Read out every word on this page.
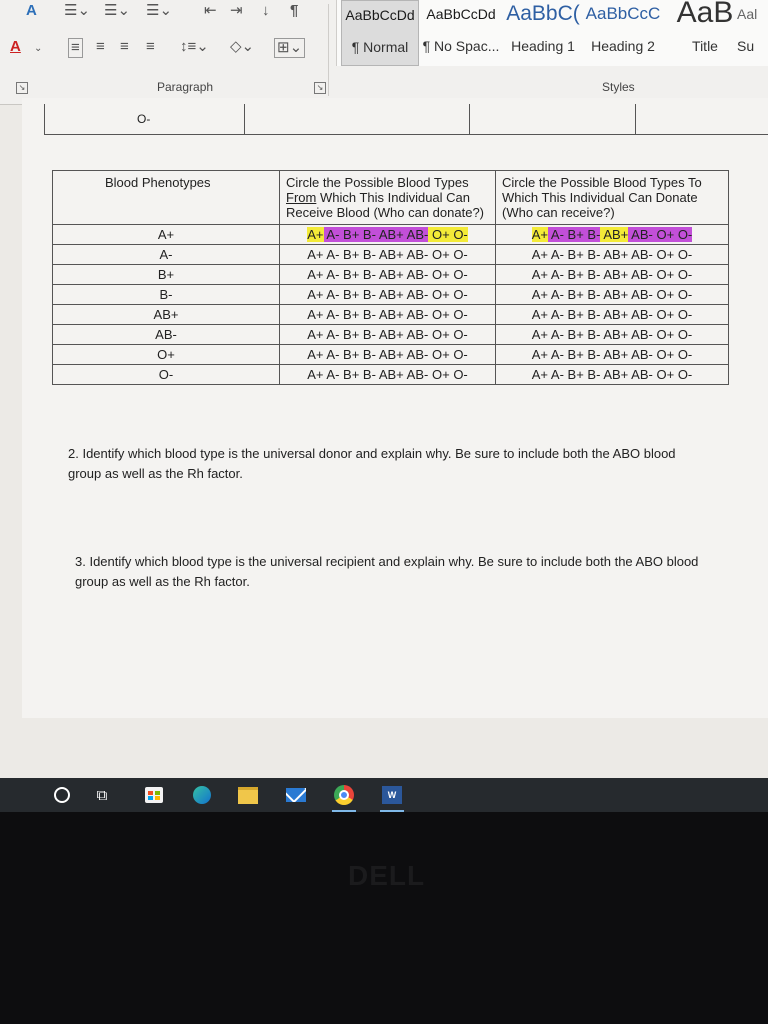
A
A ⌄
☰⌄ ☰⌄ ☰⌄ ⇤ ⇥ ↓ ¶
≡ ≡ ≡ ≡ ↕≡⌄ ◇⌄ ⊞⌄
↘	Paragraph	↘
AaBbCcDd
¶ Normal
AaBbCcDd
¶ No Spac...
AaBbC(
Heading 1
AaBbCcC
Heading 2
AaB
Title
Aal
Su
Styles
O-
Blood Phenotypes	Circle the Possible Blood Types From Which This Individual Can Receive Blood (Who can donate?)	Circle the Possible Blood Types To Which This Individual Can Donate (Who can receive?)
A+	A+ A- B+ B- AB+ AB- O+ O-	A+ A- B+ B- AB+ AB- O+ O-
A-	A+ A- B+ B- AB+ AB- O+ O-	A+ A- B+ B- AB+ AB- O+ O-
B+	A+ A- B+ B- AB+ AB- O+ O-	A+ A- B+ B- AB+ AB- O+ O-
B-	A+ A- B+ B- AB+ AB- O+ O-	A+ A- B+ B- AB+ AB- O+ O-
AB+	A+ A- B+ B- AB+ AB- O+ O-	A+ A- B+ B- AB+ AB- O+ O-
AB-	A+ A- B+ B- AB+ AB- O+ O-	A+ A- B+ B- AB+ AB- O+ O-
O+	A+ A- B+ B- AB+ AB- O+ O-	A+ A- B+ B- AB+ AB- O+ O-
O-	A+ A- B+ B- AB+ AB- O+ O-	A+ A- B+ B- AB+ AB- O+ O-
2. Identify which blood type is the universal donor and explain why. Be sure to include both the ABO blood group as well as the Rh factor.
3. Identify which blood type is the universal recipient and explain why. Be sure to include both the ABO blood group as well as the Rh factor.
⧉	W
DELL
